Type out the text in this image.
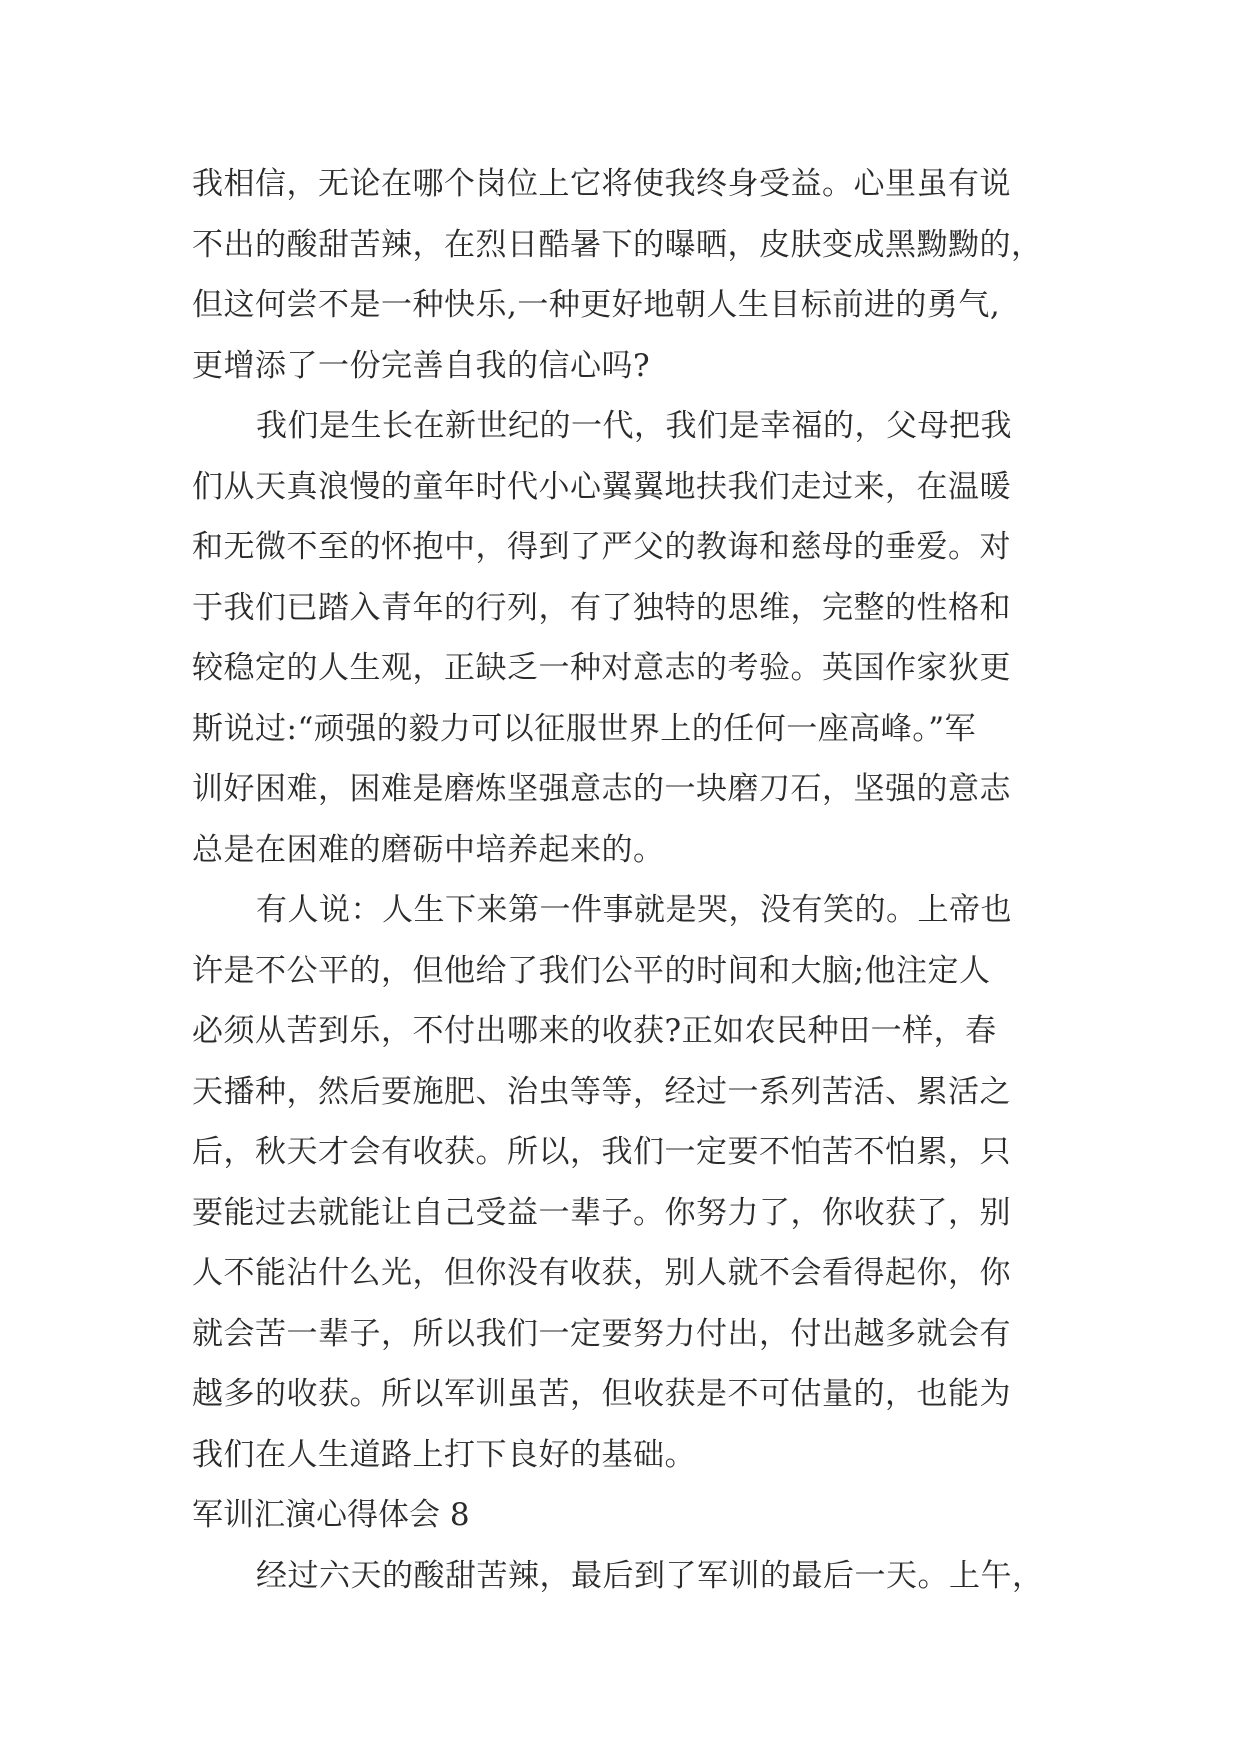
我相信，无论在哪个岗位上它将使我终身受益。心里虽有说
不出的酸甜苦辣，在烈日酷暑下的曝晒，皮肤变成黑黝黝的，
但这何尝不是一种快乐,一种更好地朝人生目标前进的勇气,
更增添了一份完善自我的信心吗?
我们是生长在新世纪的一代，我们是幸福的，父母把我
们从天真浪慢的童年时代小心翼翼地扶我们走过来，在温暖
和无微不至的怀抱中，得到了严父的教诲和慈母的垂爱。对
于我们已踏入青年的行列，有了独特的思维，完整的性格和
较稳定的人生观，正缺乏一种对意志的考验。英国作家狄更
斯说过:“顽强的毅力可以征服世界上的任何一座高峰。”军
训好困难，困难是磨炼坚强意志的一块磨刀石，坚强的意志
总是在困难的磨砺中培养起来的。
有人说：人生下来第一件事就是哭，没有笑的。上帝也
许是不公平的，但他给了我们公平的时间和大脑;他注定人
必须从苦到乐，不付出哪来的收获?正如农民种田一样，春
天播种，然后要施肥、治虫等等，经过一系列苦活、累活之
后，秋天才会有收获。所以，我们一定要不怕苦不怕累，只
要能过去就能让自己受益一辈子。你努力了，你收获了，别
人不能沾什么光，但你没有收获，别人就不会看得起你，你
就会苦一辈子，所以我们一定要努力付出，付出越多就会有
越多的收获。所以军训虽苦，但收获是不可估量的，也能为
我们在人生道路上打下良好的基础。
军训汇演心得体会 8
经过六天的酸甜苦辣，最后到了军训的最后一天。上午，
